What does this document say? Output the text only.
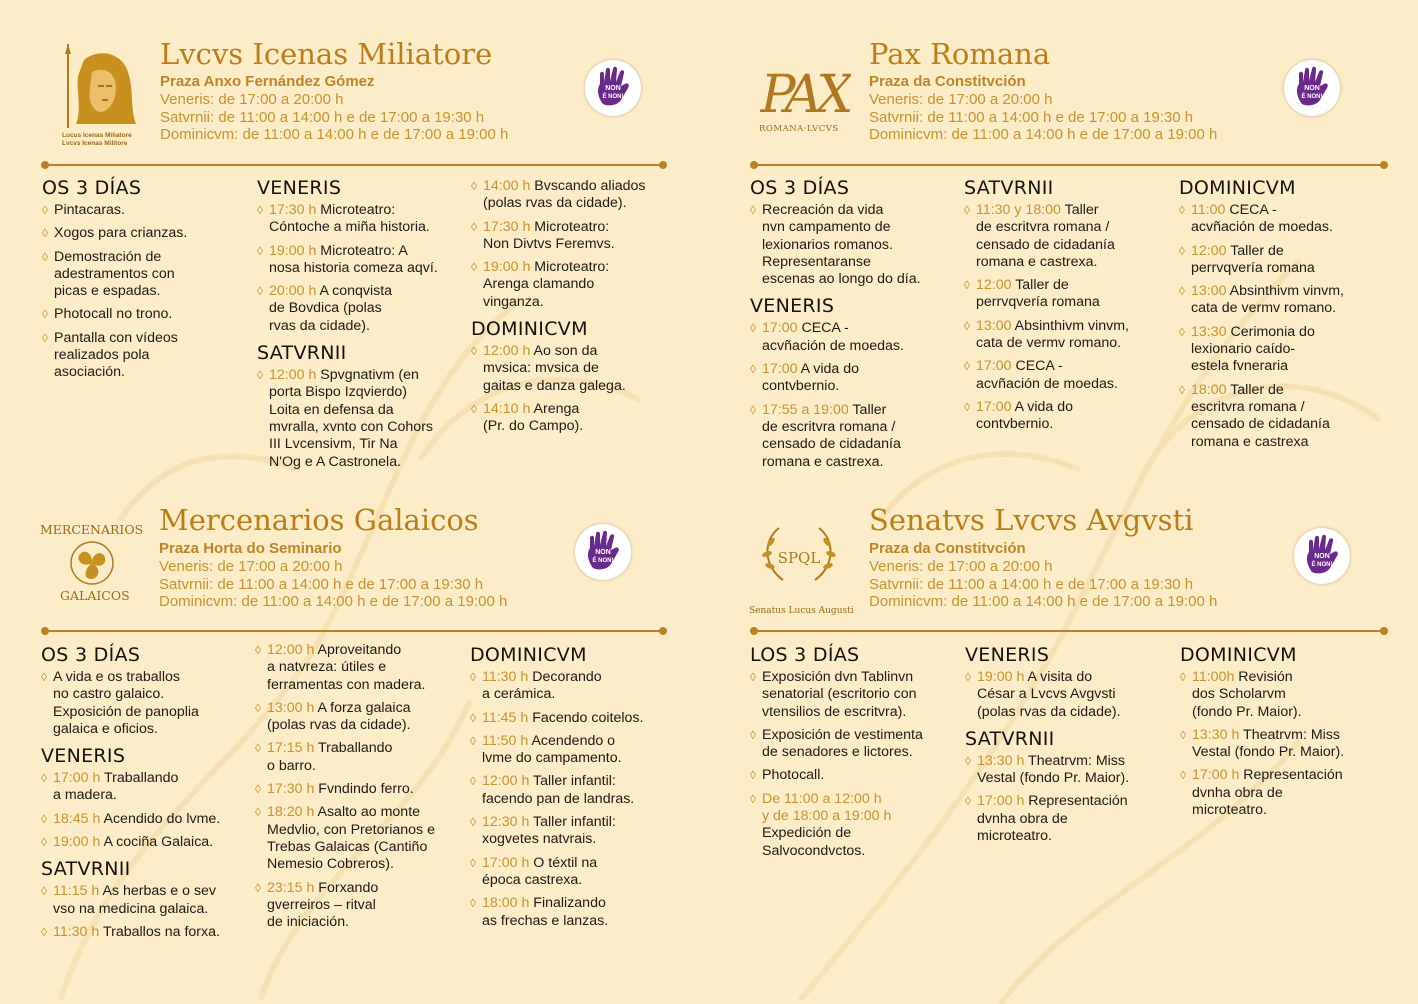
Lucus Icenas Miliatore
Lvcvs Icenas Militore
Lvcvs Icenas Miliatore
Praza Anxo Fernández Gómez
Veneris: de 17:00 a 20:00 h
Satvrnii: de 11:00 a 14:00 h e de 17:00 a 19:30 h
Dominicvm: de 11:00 a 14:00 h e de 17:00 a 19:00 h
NON
É NON!
OS 3 DÍAS
◊ Pintacaras.
◊ Xogos para crianzas.
◊ Demostración de
adestramentos con
picas e espadas.
◊ Photocall no trono.
◊ Pantalla con vídeos
realizados pola
asociación.
VENERIS
◊ 17:30 h Microteatro:
Cóntoche a miña historia.
◊ 19:00 h Microteatro: A
nosa historia comeza aqví.
◊ 20:00 h A conqvista
de Bovdica (polas
rvas da cidade).
SATVRNII
◊ 12:00 h Spvgnativm (en
porta Bispo Izqvierdo)
Loita en defensa da
mvralla, xvnto con Cohors
III Lvcensivm, Tir Na
N'Og e A Castronela.
◊ 14:00 h Bvscando aliados
(polas rvas da cidade).
◊ 17:30 h Microteatro:
Non Divtvs Feremvs.
◊ 19:00 h Microteatro:
Arenga clamando
vinganza.
DOMINICVM
◊ 12:00 h Ao son da
mvsica: mvsica de
gaitas e danza galega.
◊ 14:10 h Arenga
(Pr. do Campo).
PAX
ROMANA·LVCVS
Pax Romana
Praza da Constitvción
Veneris: de 17:00 a 20:00 h
Satvrnii: de 11:00 a 14:00 h e de 17:00 a 19:30 h
Dominicvm: de 11:00 a 14:00 h e de 17:00 a 19:00 h
NON
É NON!
OS 3 DÍAS
◊ Recreación da vida
nvn campamento de
lexionarios romanos.
Representaranse
escenas ao longo do día.
VENERIS
◊ 17:00 CECA -
acvñación de moedas.
◊ 17:00 A vida do
contvbernio.
◊ 17:55 a 19:00 Taller
de escritvra romana /
censado de cidadanía
romana e castrexa.
SATVRNII
◊ 11:30 y 18:00 Taller
de escritvra romana /
censado de cidadanía
romana e castrexa.
◊ 12:00 Taller de
perrvqvería romana
◊ 13:00 Absinthivm vinvm,
cata de vermv romano.
◊ 17:00 CECA -
acvñación de moedas.
◊ 17:00 A vida do
contvbernio.
DOMINICVM
◊ 11:00 CECA -
acvñación de moedas.
◊ 12:00 Taller de
perrvqvería romana
◊ 13:00 Absinthivm vinvm,
cata de vermv romano.
◊ 13:30 Cerimonia do
lexionario caído-
estela fvneraria
◊ 18:00 Taller de
escritvra romana /
censado de cidadanía
romana e castrexa
MERCENARIOS
GALAICOS
Mercenarios Galaicos
Praza Horta do Seminario
Veneris: de 17:00 a 20:00 h
Satvrnii: de 11:00 a 14:00 h e de 17:00 a 19:30 h
Dominicvm: de 11:00 a 14:00 h e de 17:00 a 19:00 h
NON
É NON!
OS 3 DÍAS
◊ A vida e os traballos
no castro galaico.
Exposición de panoplia
galaica e oficios.
VENERIS
◊ 17:00 h Traballando
a madera.
◊ 18:45 h Acendido do lvme.
◊ 19:00 h A cociña Galaica.
SATVRNII
◊ 11:15 h As herbas e o sev
vso na medicina galaica.
◊ 11:30 h Traballos na forxa.
◊ 12:00 h Aproveitando
a natvreza: útiles e
ferramentas con madera.
◊ 13:00 h A forza galaica
(polas rvas da cidade).
◊ 17:15 h Traballando
o barro.
◊ 17:30 h Fvndindo ferro.
◊ 18:20 h Asalto ao monte
Medvlio, con Pretorianos e
Trebas Galaicas (Cantiño
Nemesio Cobreros).
◊ 23:15 h Forxando
gverreiros – ritval
de iniciación.
DOMINICVM
◊ 11:30 h Decorando
a cerámica.
◊ 11:45 h Facendo coitelos.
◊ 11:50 h Acendendo o
lvme do campamento.
◊ 12:00 h Taller infantil:
facendo pan de landras.
◊ 12:30 h Taller infantil:
xogvetes natvrais.
◊ 17:00 h O téxtil na
época castrexa.
◊ 18:00 h Finalizando
as frechas e lanzas.
SPQL
Senatus Lucus Augusti
Senatvs Lvcvs Avgvsti
Praza da Constitvción
Veneris: de 17:00 a 20:00 h
Satvrnii: de 11:00 a 14:00 h e de 17:00 a 19:30 h
Dominicvm: de 11:00 a 14:00 h e de 17:00 a 19:00 h
NON
É NON!
LOS 3 DÍAS
◊ Exposición dvn Tablinvn
senatorial (escritorio con
vtensilios de escritvra).
◊ Exposición de vestimenta
de senadores e lictores.
◊ Photocall.
◊ De 11:00 a 12:00 h
y de 18:00 a 19:00 h
Expedición de
Salvocondvctos.
VENERIS
◊ 19:00 h A visita do
César a Lvcvs Avgvsti
(polas rvas da cidade).
SATVRNII
◊ 13:30 h Theatrvm: Miss
Vestal (fondo Pr. Maior).
◊ 17:00 h Representación
dvnha obra de
microteatro.
DOMINICVM
◊ 11:00h Revisión
dos Scholarvm
(fondo Pr. Maior).
◊ 13:30 h Theatrvm: Miss
Vestal (fondo Pr. Maior).
◊ 17:00 h Representación
dvnha obra de
microteatro.
